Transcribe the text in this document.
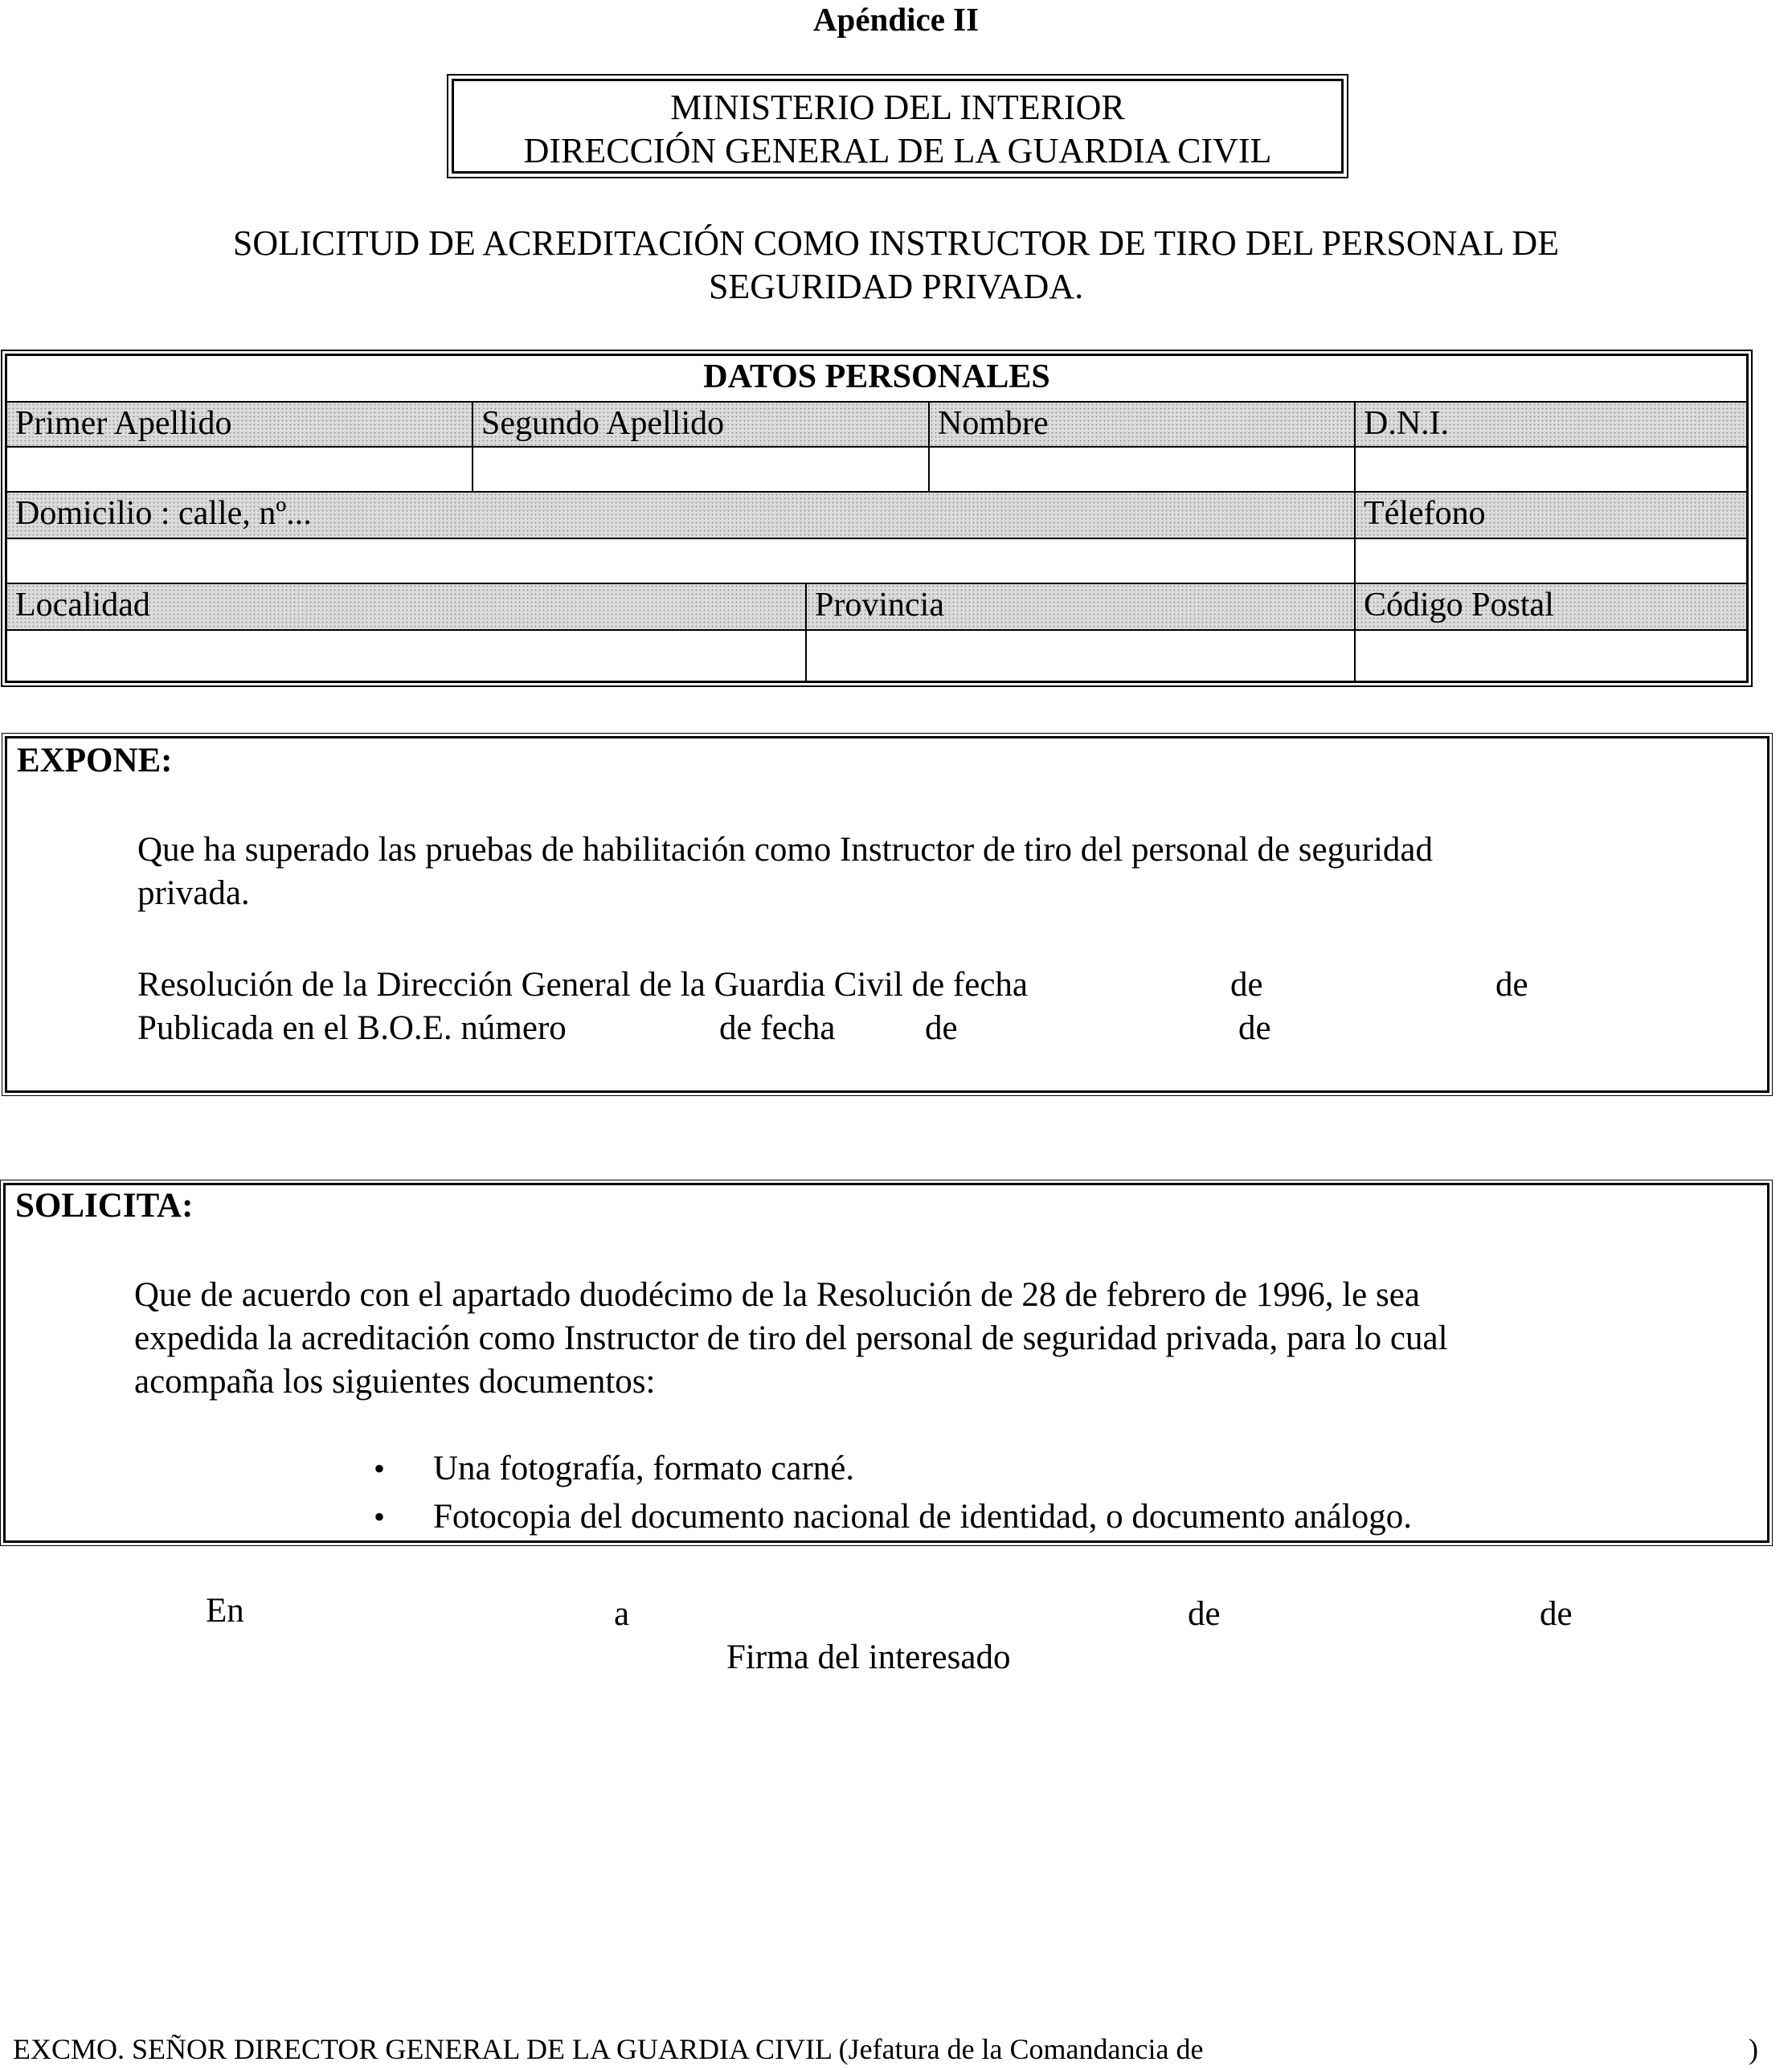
Apéndice II
MINISTERIO DEL INTERIOR
DIRECCIÓN GENERAL DE LA GUARDIA CIVIL
SOLICITUD DE ACREDITACIÓN COMO INSTRUCTOR DE TIRO DEL PERSONAL DE
SEGURIDAD PRIVADA.
DATOS PERSONALES
Primer Apellido	Segundo Apellido	Nombre	D.N.I.
Domicilio : calle, nº...	Télefono
Localidad	Provincia	Código Postal
EXPONE:
Que ha superado las pruebas de habilitación como Instructor de tiro del personal de seguridad
privada.
Resolución de la Dirección General de la Guardia Civil de fecha	de	de
Publicada en el B.O.E. número	de fecha	de	de
SOLICITA:
Que de acuerdo con el apartado duodécimo de la Resolución de 28 de febrero de 1996, le sea
expedida la acreditación como Instructor de tiro del personal de seguridad privada, para lo cual
acompaña los siguientes documentos:
• Una fotografía, formato carné.
• Fotocopia del documento nacional de identidad, o documento análogo.
En	a	de	de
Firma del interesado
EXCMO. SEÑOR DIRECTOR GENERAL DE LA GUARDIA CIVIL (Jefatura de la Comandancia de	)
